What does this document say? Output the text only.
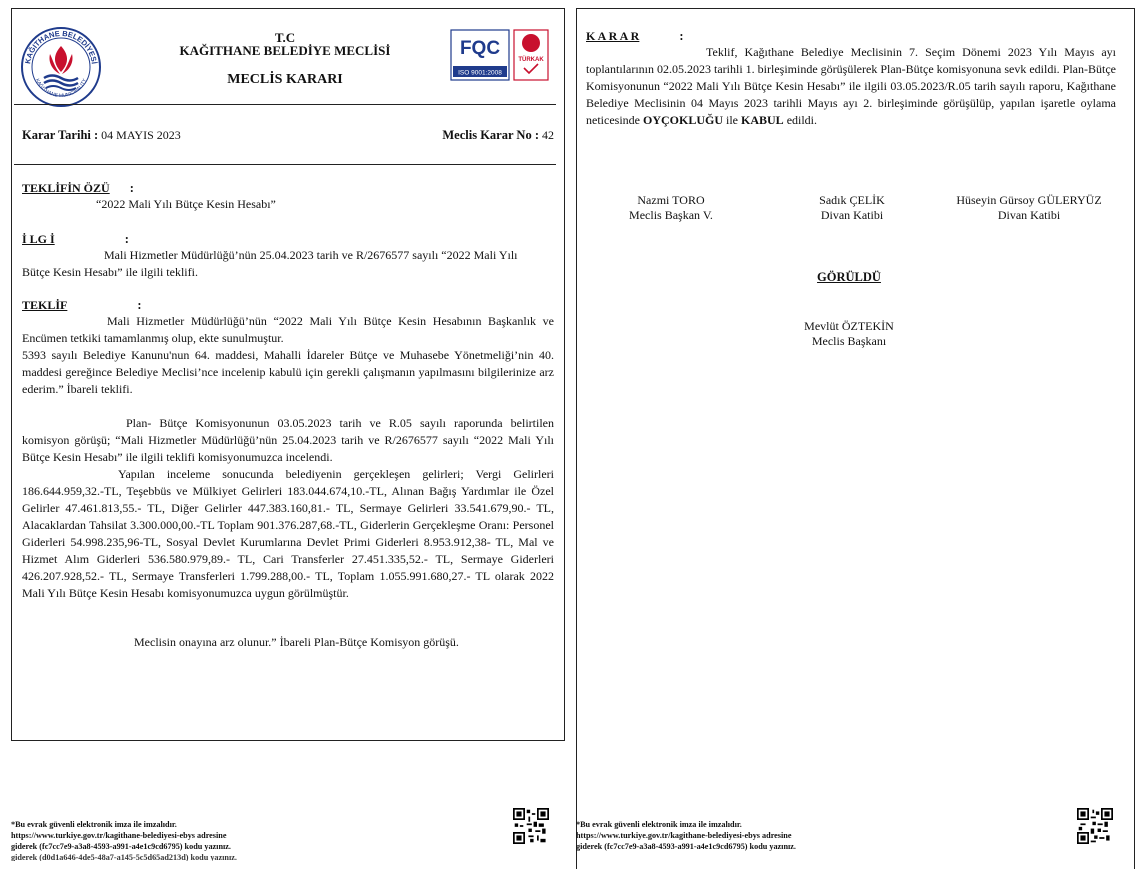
KAĞITHANE BELEDİYESİ
KAĞITHANE MUNICIPALITY
T.C
KAĞITHANE BELEDİYE MECLİSİ
MECLİS KARARI
FQC
ISO 9001:2008
TÜRKAK
Karar Tarihi : 04 MAYIS 2023	Meclis Karar No : 42
TEKLİFİN ÖZÜ :
“2022 Mali Yılı Bütçe Kesin Hesabı”
İ LG İ	:
Mali Hizmetler Müdürlüğü’nün 25.04.2023 tarih ve R/2676577 sayılı “2022 Mali Yılı
Bütçe Kesin Hesabı” ile ilgili teklifi.
TEKLİF	:
Mali Hizmetler Müdürlüğü’nün “2022 Mali Yılı Bütçe Kesin Hesabının Başkanlık ve Encümen tetkiki tamamlanmış olup, ekte sunulmuştur.
5393 sayılı Belediye Kanunu'nun 64. maddesi, Mahalli İdareler Bütçe ve Muhasebe Yönetmeliği’nin 40. maddesi gereğince Belediye Meclisi’nce incelenip kabulü için gerekli çalışmanın yapılmasını bilgilerinize arz ederim.” İbareli teklifi.
Plan- Bütçe Komisyonunun 03.05.2023 tarih ve R.05 sayılı raporunda belirtilen komisyon görüşü; “Mali Hizmetler Müdürlüğü’nün 25.04.2023 tarih ve R/2676577 sayılı “2022 Mali Yılı Bütçe Kesin Hesabı” ile ilgili teklifi komisyonumuzca incelendi.
Yapılan inceleme sonucunda belediyenin gerçekleşen gelirleri; Vergi Gelirleri 186.644.959,32.-TL, Teşebbüs ve Mülkiyet Gelirleri 183.044.674,10.-TL, Alınan Bağış Yardımlar ile Özel Gelirler 47.461.813,55.- TL, Diğer Gelirler 447.383.160,81.- TL, Sermaye Gelirleri 33.541.679,90.- TL, Alacaklardan Tahsilat 3.300.000,00.-TL Toplam 901.376.287,68.-TL, Giderlerin Gerçekleşme Oranı: Personel Giderleri 54.998.235,96-TL, Sosyal Devlet Kurumlarına Devlet Primi Giderleri 8.953.912,38- TL, Mal ve Hizmet Alım Giderleri 536.580.979,89.- TL, Cari Transferler 27.451.335,52.- TL, Sermaye Giderleri 426.207.928,52.- TL, Sermaye Transferleri 1.799.288,00.- TL, Toplam 1.055.991.680,27.- TL olarak 2022 Mali Yılı Bütçe Kesin Hesabı komisyonumuzca uygun görülmüştür.
Meclisin onayına arz olunur.” İbareli Plan-Bütçe Komisyon görüşü.
*Bu evrak güvenli elektronik imza ile imzalıdır.
https://www.turkiye.gov.tr/kagithane-belediyesi-ebys adresine
giderek (fc7cc7e9-a3a8-4593-a991-a4e1c9cd6795) kodu yazınız.
giderek (d0d1a646-4de5-48a7-a145-5c5d65ad213d) kodu yazınız.
K A R A R	:
Teklif, Kağıthane Belediye Meclisinin 7. Seçim Dönemi 2023 Yılı Mayıs ayı toplantılarının 02.05.2023 tarihli 1. birleşiminde görüşülerek Plan-Bütçe komisyonuna sevk edildi. Plan-Bütçe Komisyonunun “2022 Mali Yılı Bütçe Kesin Hesabı” ile ilgili 03.05.2023/R.05 tarih sayılı raporu, Kağıthane Belediye Meclisinin 04 Mayıs 2023 tarihli Mayıs ayı 2. birleşiminde görüşülüp, yapılan işaretle oylama neticesinde OYÇOKLUĞU ile KABUL edildi.
Nazmi TORO
Meclis Başkan V.
Sadık ÇELİK
Divan Katibi
Hüseyin Gürsoy GÜLERYÜZ
Divan Katibi
GÖRÜLDÜ
Mevlüt ÖZTEKİN
Meclis Başkanı
*Bu evrak güvenli elektronik imza ile imzalıdır.
https://www.turkiye.gov.tr/kagithane-belediyesi-ebys adresine
giderek (fc7cc7e9-a3a8-4593-a991-a4e1c9cd6795) kodu yazınız.
